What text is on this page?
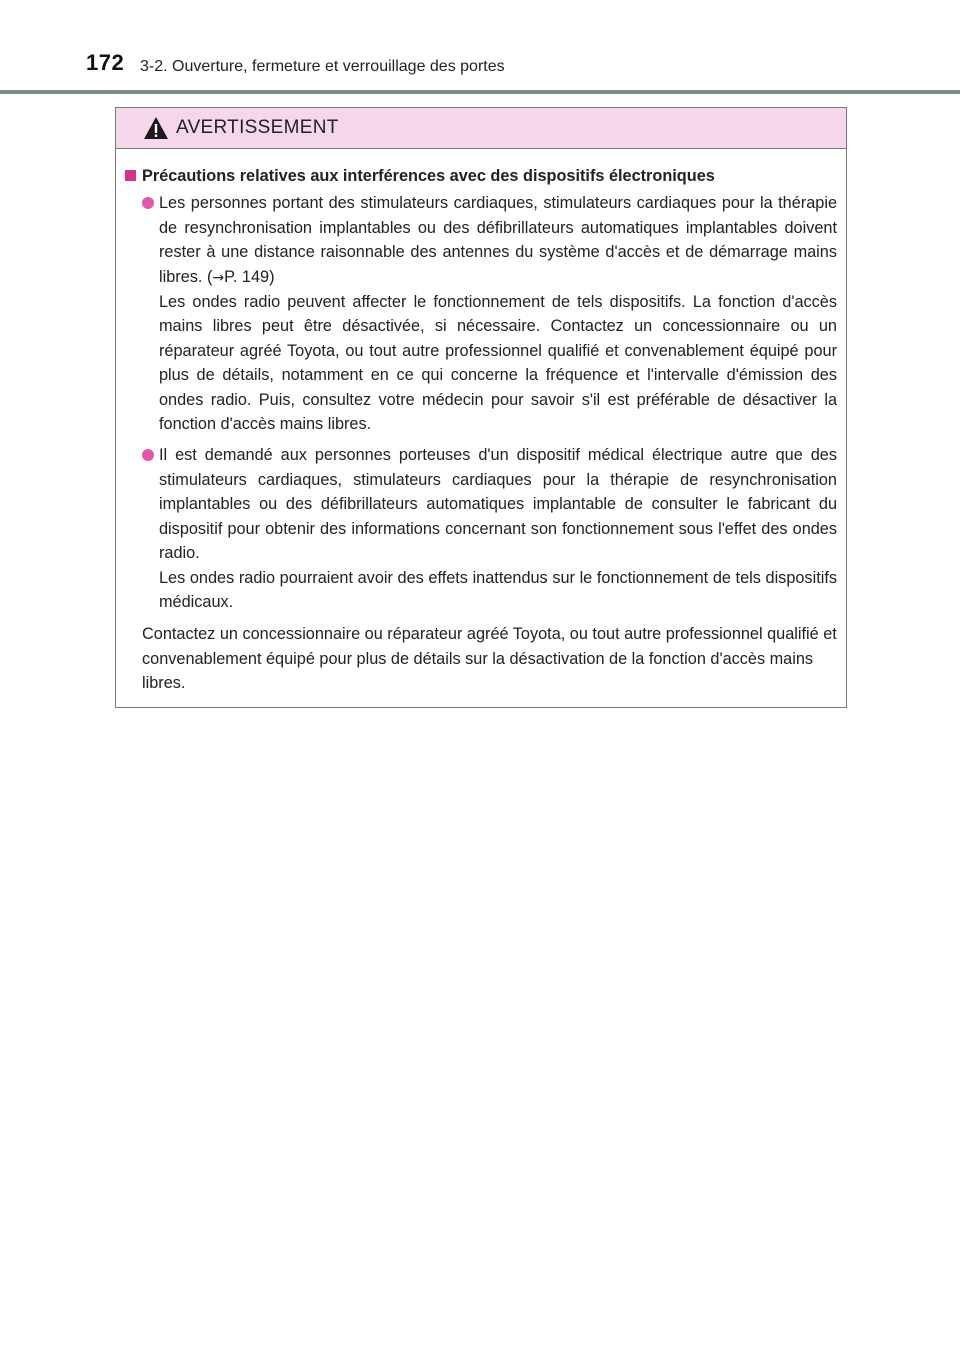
172 3-2. Ouverture, fermeture et verrouillage des portes
AVERTISSEMENT
Précautions relatives aux interférences avec des dispositifs électroniques

Les personnes portant des stimulateurs cardiaques, stimulateurs cardiaques pour la thérapie de resynchronisation implantables ou des défibrillateurs automatiques implantables doivent rester à une distance raisonnable des antennes du système d'accès et de démarrage mains libres. (→P. 149)

Les ondes radio peuvent affecter le fonctionnement de tels dispositifs. La fonction d'accès mains libres peut être désactivée, si nécessaire. Contactez un concessionnaire ou un réparateur agréé Toyota, ou tout autre professionnel qualifié et convenablement équipé pour plus de détails, notamment en ce qui concerne la fréquence et l'intervalle d'émission des ondes radio. Puis, consultez votre médecin pour savoir s'il est préférable de désactiver la fonction d'accès mains libres.

Il est demandé aux personnes porteuses d'un dispositif médical électrique autre que des stimulateurs cardiaques, stimulateurs cardiaques pour la thérapie de resynchronisation implantables ou des défibrillateurs automatiques implantable de consulter le fabricant du dispositif pour obtenir des informations concernant son fonctionnement sous l'effet des ondes radio.

Les ondes radio pourraient avoir des effets inattendus sur le fonctionnement de tels dispositifs médicaux.

Contactez un concessionnaire ou réparateur agréé Toyota, ou tout autre professionnel qualifié et convenablement équipé pour plus de détails sur la désactivation de la fonction d'accès mains libres.
